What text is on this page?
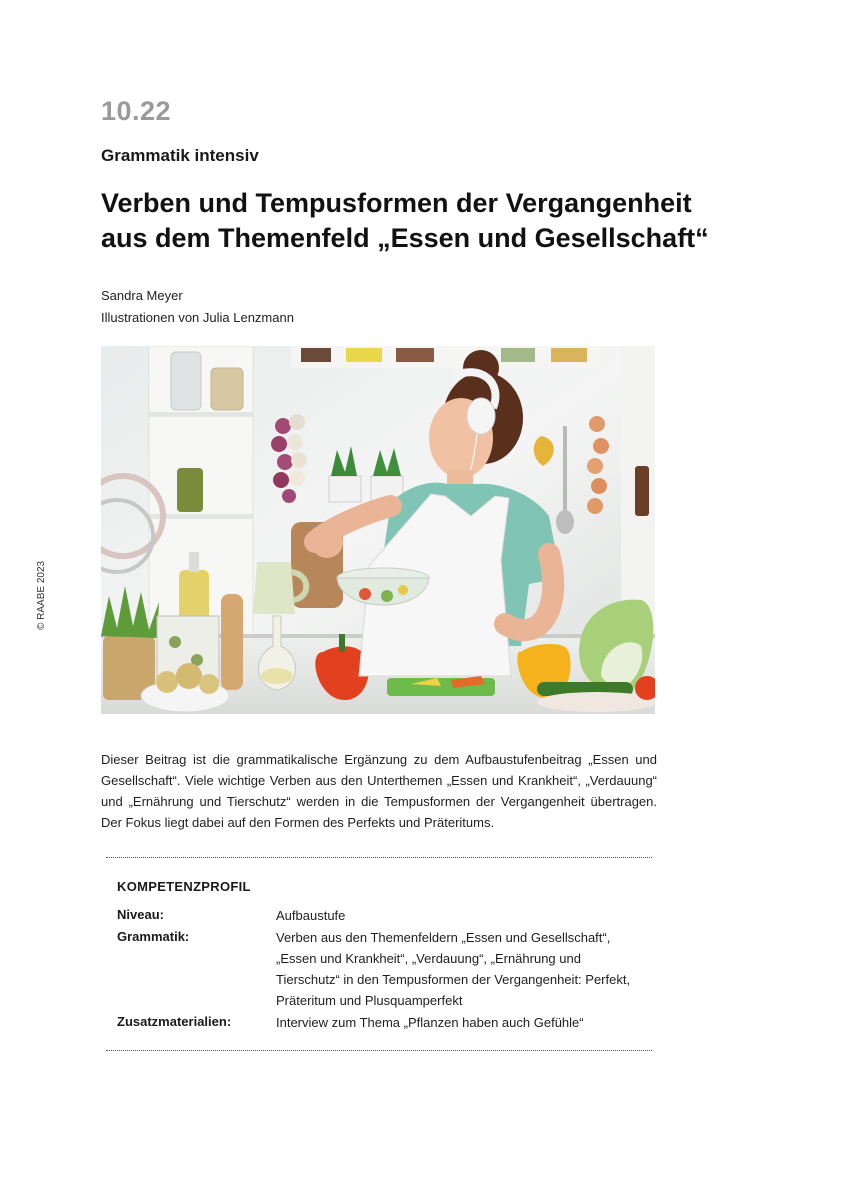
10.22
Grammatik intensiv
Verben und Tempusformen der Vergangenheit aus dem Themenfeld „Essen und Gesellschaft“
Sandra Meyer
Illustrationen von Julia Lenzmann
© RAABE 2023
Dieser Beitrag ist die grammatikalische Ergänzung zu dem Aufbaustufenbeitrag „Essen und Gesellschaft“. Viele wichtige Verben aus den Unterthemen „Essen und Krankheit“, „Verdauung“ und „Ernährung und Tierschutz“ werden in die Tempusformen der Vergangenheit übertragen. Der Fokus liegt dabei auf den Formen des Perfekts und Präteritums.
KOMPETENZPROFIL
Niveau:	Aufbaustufe
Grammatik:	Verben aus den Themenfeldern „Essen und Gesellschaft“, „Essen und Krankheit“, „Verdauung“, „Ernährung und Tierschutz“ in den Tempusformen der Vergangenheit: Perfekt, Präteritum und Plusquamperfekt
Zusatzmaterialien:	Interview zum Thema „Pflanzen haben auch Gefühle“
